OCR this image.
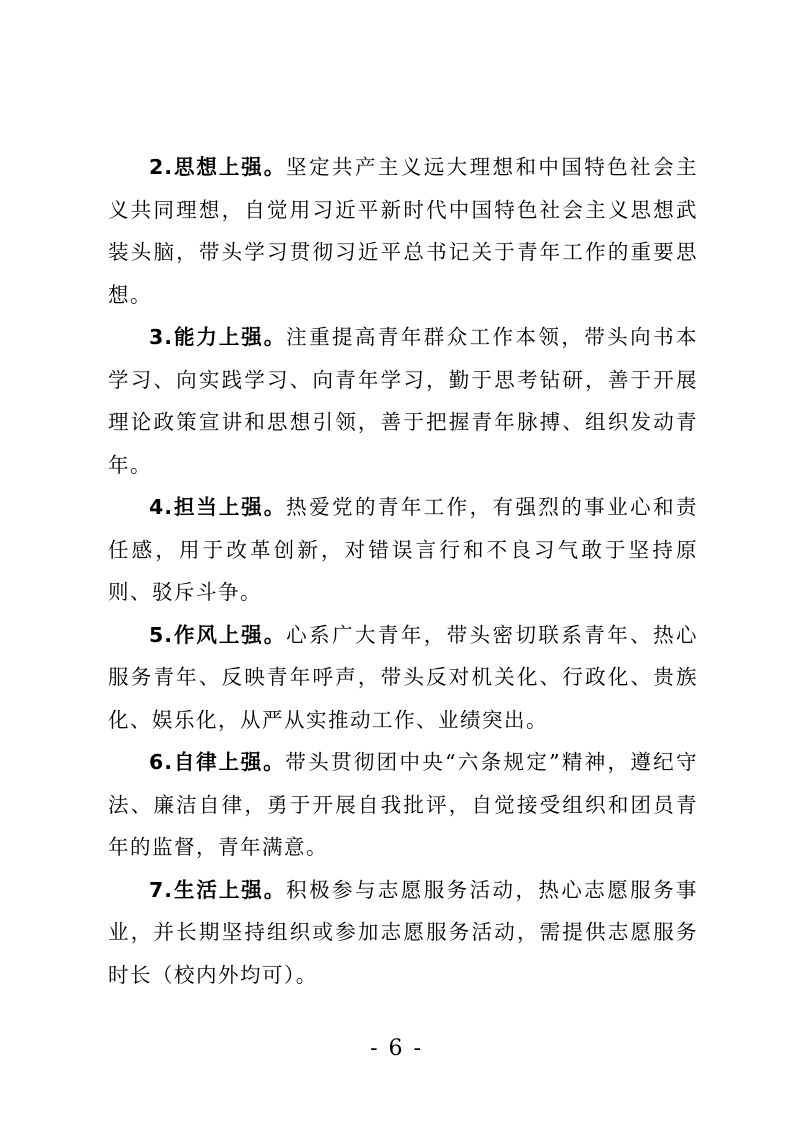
2.思想上强。坚定共产主义远大理想和中国特色社会主义共同理想，自觉用习近平新时代中国特色社会主义思想武装头脑，带头学习贯彻习近平总书记关于青年工作的重要思想。

3.能力上强。注重提高青年群众工作本领，带头向书本学习、向实践学习、向青年学习，勤于思考钻研，善于开展理论政策宣讲和思想引领，善于把握青年脉搏、组织发动青年。

4.担当上强。热爱党的青年工作，有强烈的事业心和责任感，用于改革创新，对错误言行和不良习气敢于坚持原则、驳斥斗争。

5.作风上强。心系广大青年，带头密切联系青年、热心服务青年、反映青年呼声，带头反对机关化、行政化、贵族化、娱乐化，从严从实推动工作、业绩突出。

6.自律上强。带头贯彻团中央“六条规定”精神，遵纪守法、廉洁自律，勇于开展自我批评，自觉接受组织和团员青年的监督，青年满意。

7.生活上强。积极参与志愿服务活动，热心志愿服务事业，并长期坚持组织或参加志愿服务活动，需提供志愿服务时长（校内外均可）。

- 6 -
